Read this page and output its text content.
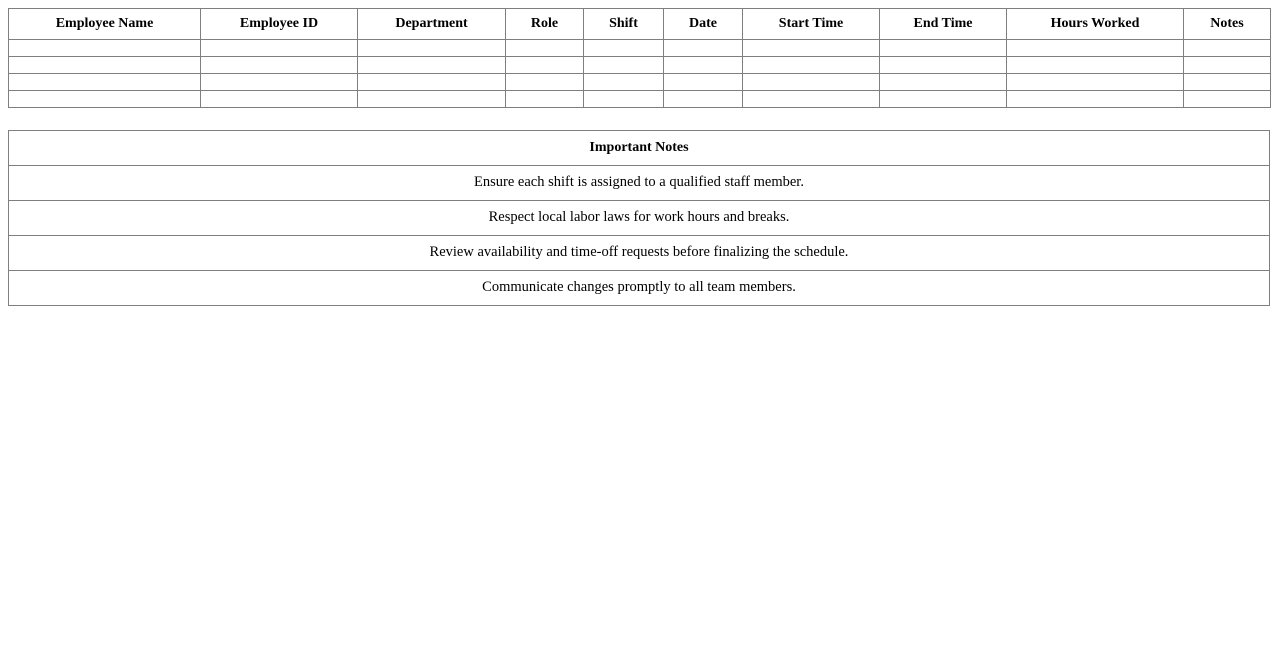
Employee Name	Employee ID	Department	Role	Shift	Date	Start Time	End Time	Hours Worked	Notes

Important Notes
Ensure each shift is assigned to a qualified staff member.
Respect local labor laws for work hours and breaks.
Review availability and time-off requests before finalizing the schedule.
Communicate changes promptly to all team members.
